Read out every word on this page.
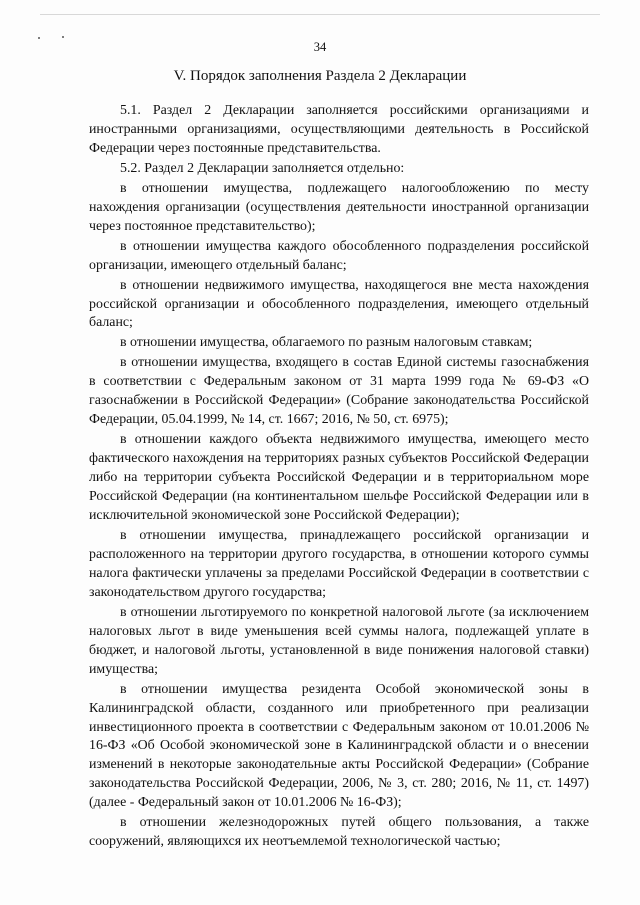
34
V. Порядок заполнения Раздела 2 Декларации

5.1. Раздел 2 Декларации заполняется российскими организациями и иностранными организациями, осуществляющими деятельность в Российской Федерации через постоянные представительства.

5.2. Раздел 2 Декларации заполняется отдельно:

в отношении имущества, подлежащего налогообложению по месту нахождения организации (осуществления деятельности иностранной организации через постоянное представительство);

в отношении имущества каждого обособленного подразделения российской организации, имеющего отдельный баланс;

в отношении недвижимого имущества, находящегося вне места нахождения российской организации и обособленного подразделения, имеющего отдельный баланс;

в отношении имущества, облагаемого по разным налоговым ставкам;

в отношении имущества, входящего в состав Единой системы газоснабжения в соответствии с Федеральным законом от 31 марта 1999 года № 69-ФЗ «О газоснабжении в Российской Федерации» (Собрание законодательства Российской Федерации, 05.04.1999, № 14, ст. 1667; 2016, № 50, ст. 6975);

в отношении каждого объекта недвижимого имущества, имеющего место фактического нахождения на территориях разных субъектов Российской Федерации либо на территории субъекта Российской Федерации и в территориальном море Российской Федерации (на континентальном шельфе Российской Федерации или в исключительной экономической зоне Российской Федерации);

в отношении имущества, принадлежащего российской организации и расположенного на территории другого государства, в отношении которого суммы налога фактически уплачены за пределами Российской Федерации в соответствии с законодательством другого государства;

в отношении льготируемого по конкретной налоговой льготе (за исключением налоговых льгот в виде уменьшения всей суммы налога, подлежащей уплате в бюджет, и налоговой льготы, установленной в виде понижения налоговой ставки) имущества;

в отношении имущества резидента Особой экономической зоны в Калининградской области, созданного или приобретенного при реализации инвестиционного проекта в соответствии с Федеральным законом от 10.01.2006 № 16-ФЗ «Об Особой экономической зоне в Калининградской области и о внесении изменений в некоторые законодательные акты Российской Федерации» (Собрание законодательства Российской Федерации, 2006, № 3, ст. 280; 2016, № 11, ст. 1497) (далее - Федеральный закон от 10.01.2006 № 16-ФЗ);

в отношении железнодорожных путей общего пользования, а также сооружений, являющихся их неотъемлемой технологической частью;
